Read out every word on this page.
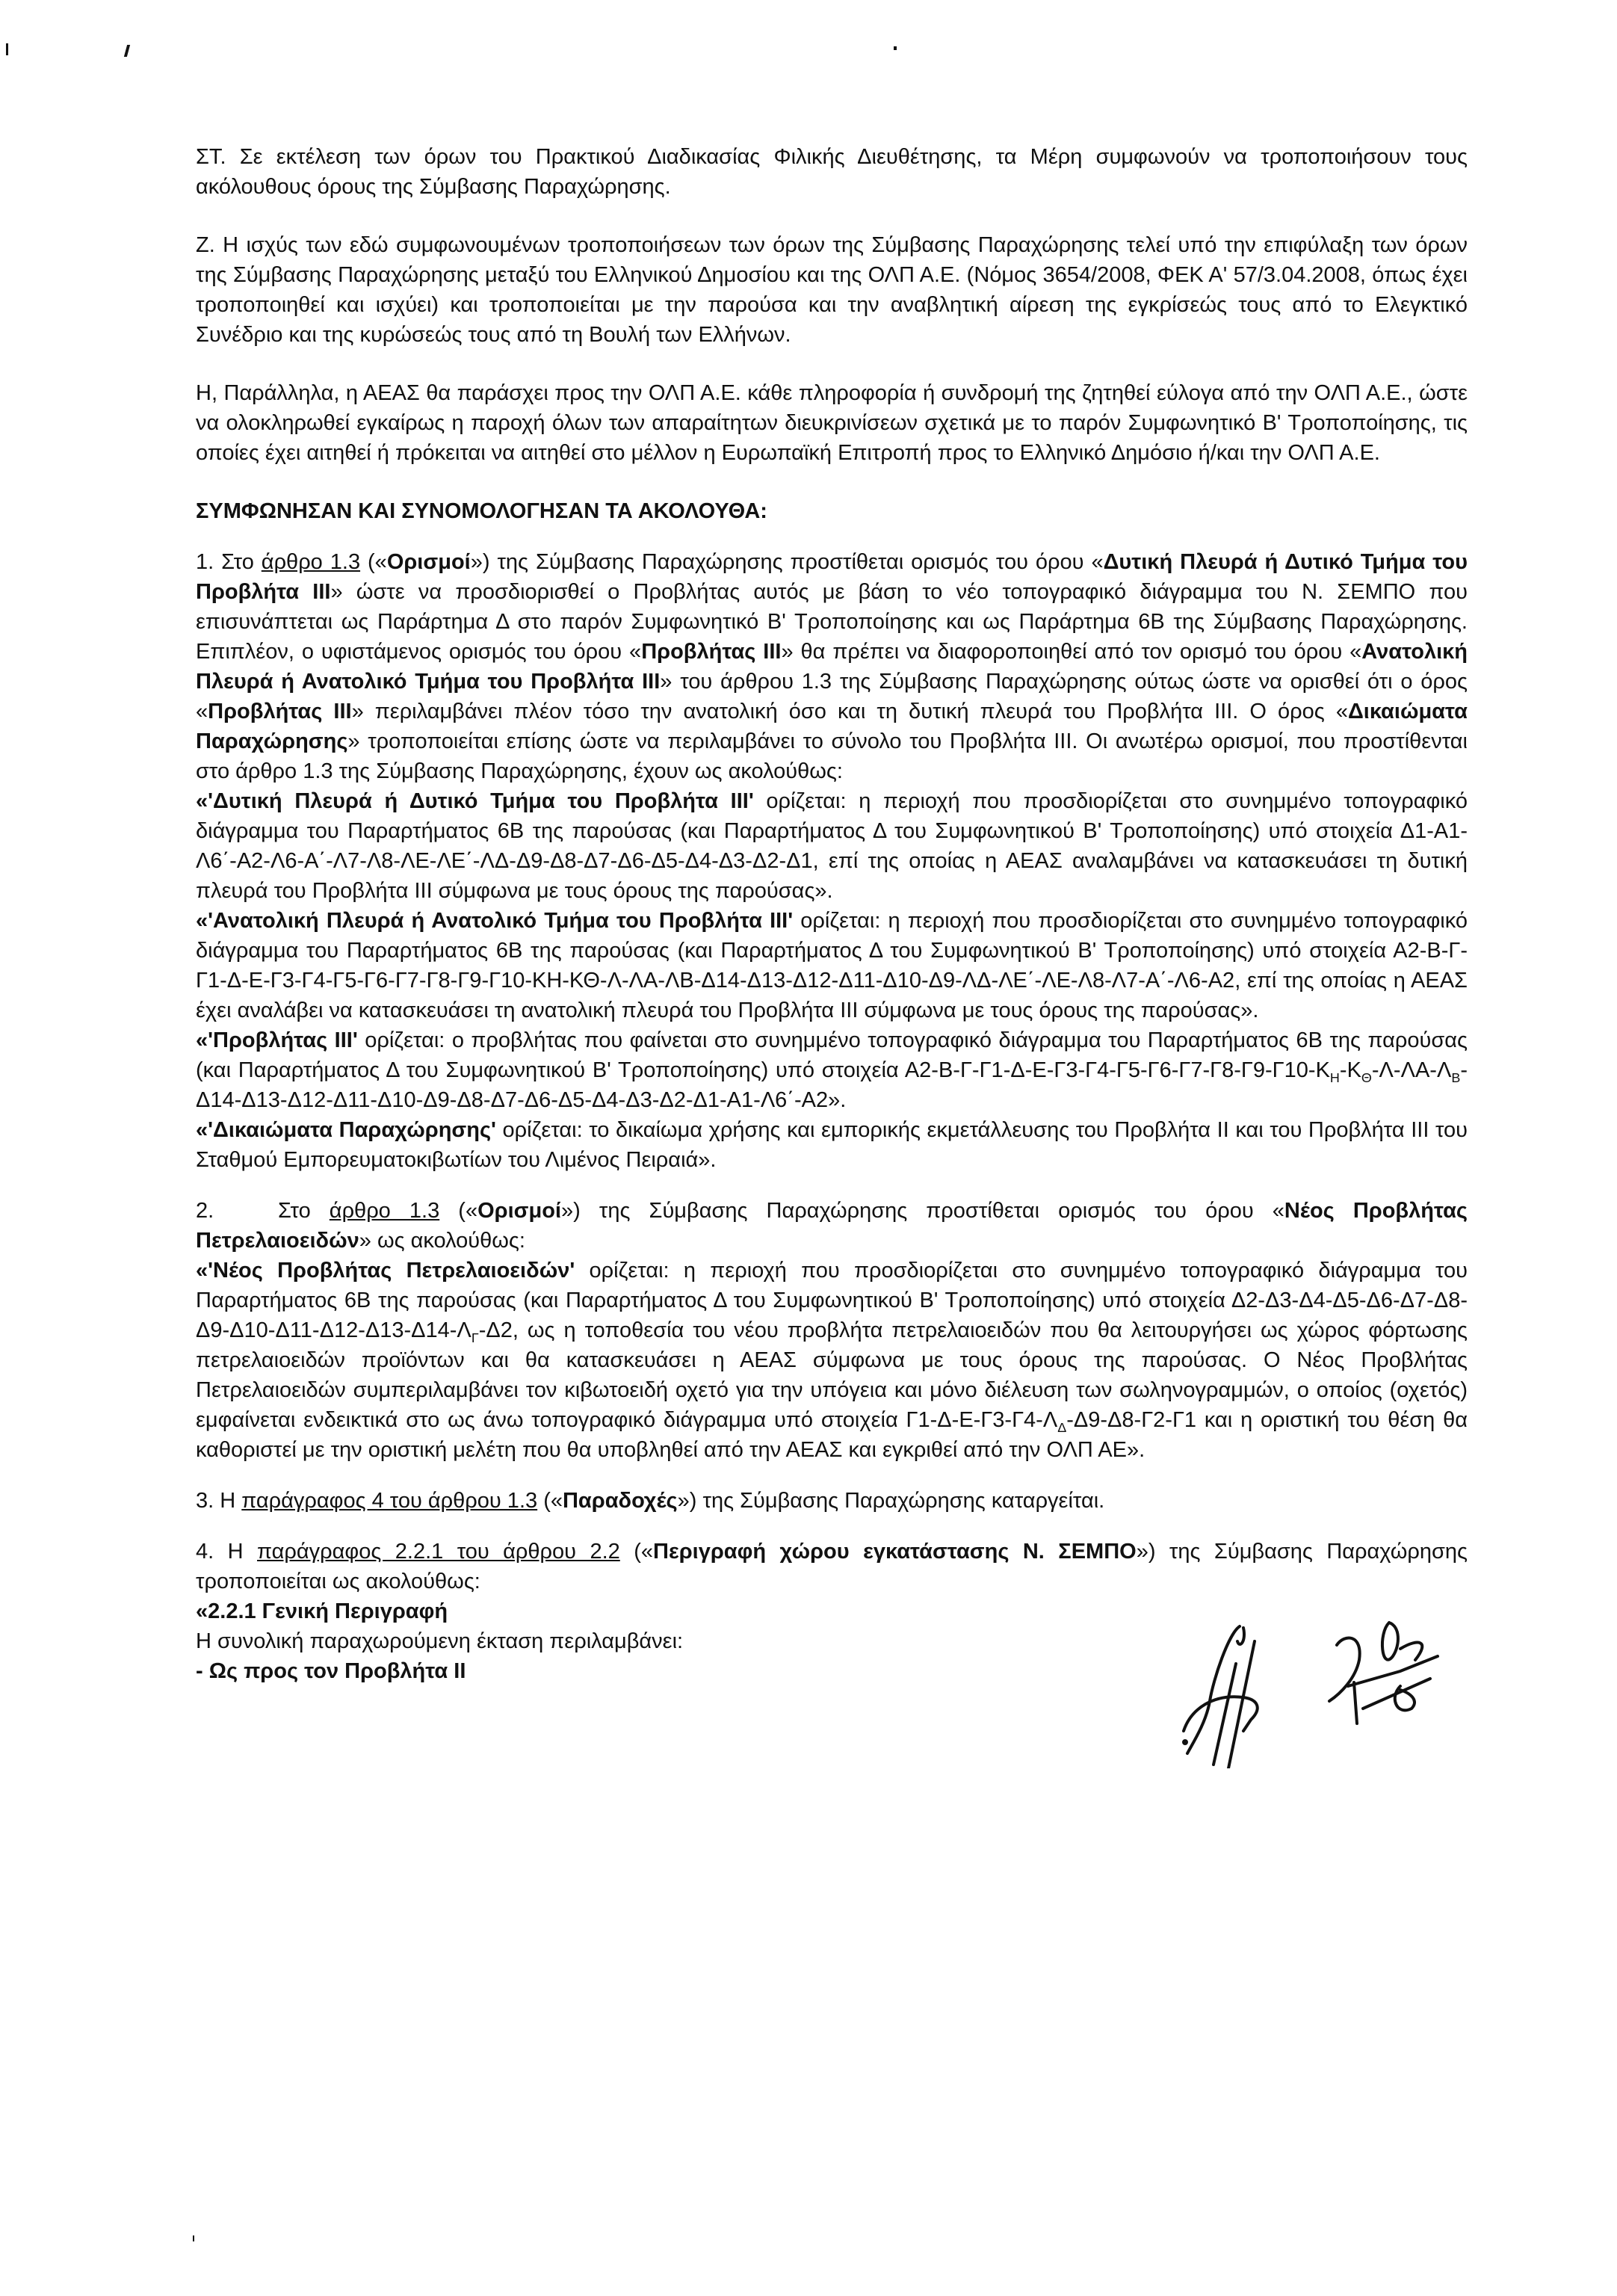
ΣΤ. Σε εκτέλεση των όρων του Πρακτικού Διαδικασίας Φιλικής Διευθέτησης, τα Μέρη συμφωνούν να τροποποιήσουν τους ακόλουθους όρους της Σύμβασης Παραχώρησης.

Ζ. Η ισχύς των εδώ συμφωνουμένων τροποποιήσεων των όρων της Σύμβασης Παραχώρησης τελεί υπό την επιφύλαξη των όρων της Σύμβασης Παραχώρησης μεταξύ του Ελληνικού Δημοσίου και της ΟΛΠ Α.Ε. (Νόμος 3654/2008, ΦΕΚ Α' 57/3.04.2008, όπως έχει τροποποιηθεί και ισχύει) και τροποποιείται με την παρούσα και την αναβλητική αίρεση της εγκρίσεώς τους από το Ελεγκτικό Συνέδριο και της κυρώσεώς τους από τη Βουλή των Ελλήνων.

Η, Παράλληλα, η ΑΕΑΣ θα παράσχει προς την ΟΛΠ Α.Ε. κάθε πληροφορία ή συνδρομή της ζητηθεί εύλογα από την ΟΛΠ Α.Ε., ώστε να ολοκληρωθεί εγκαίρως η παροχή όλων των απαραίτητων διευκρινίσεων σχετικά με το παρόν Συμφωνητικό Β' Τροποποίησης, τις οποίες έχει αιτηθεί ή πρόκειται να αιτηθεί στο μέλλον η Ευρωπαϊκή Επιτροπή προς το Ελληνικό Δημόσιο ή/και την ΟΛΠ Α.Ε.

ΣΥΜΦΩΝΗΣΑΝ ΚΑΙ ΣΥΝΟΜΟΛΟΓΗΣΑΝ ΤΑ ΑΚΟΛΟΥΘΑ:

1. Στο άρθρο 1.3 («Ορισμοί») της Σύμβασης Παραχώρησης προστίθεται ορισμός του όρου «Δυτική Πλευρά ή Δυτικό Τμήμα του Προβλήτα ΙΙΙ» ώστε να προσδιορισθεί ο Προβλήτας αυτός με βάση το νέο τοπογραφικό διάγραμμα του Ν. ΣΕΜΠΟ που επισυνάπτεται ως Παράρτημα Δ στο παρόν Συμφωνητικό Β' Τροποποίησης και ως Παράρτημα 6Β της Σύμβασης Παραχώρησης. Επιπλέον, ο υφιστάμενος ορισμός του όρου «Προβλήτας ΙΙΙ» θα πρέπει να διαφοροποιηθεί από τον ορισμό του όρου «Ανατολική Πλευρά ή Ανατολικό Τμήμα του Προβλήτα ΙΙΙ» του άρθρου 1.3 της Σύμβασης Παραχώρησης ούτως ώστε να ορισθεί ότι ο όρος «Προβλήτας ΙΙΙ» περιλαμβάνει πλέον τόσο την ανατολική όσο και τη δυτική πλευρά του Προβλήτα ΙΙΙ. Ο όρος «Δικαιώματα Παραχώρησης» τροποποιείται επίσης ώστε να περιλαμβάνει το σύνολο του Προβλήτα ΙΙΙ. Οι ανωτέρω ορισμοί, που προστίθενται στο άρθρο 1.3 της Σύμβασης Παραχώρησης, έχουν ως ακολούθως:

«'Δυτική Πλευρά ή Δυτικό Τμήμα του Προβλήτα ΙΙΙ' ορίζεται: η περιοχή που προσδιορίζεται στο συνημμένο τοπογραφικό διάγραμμα του Παραρτήματος 6Β της παρούσας (και Παραρτήματος Δ του Συμφωνητικού Β' Τροποποίησης) υπό στοιχεία Δ1-Α1-Λ6΄-Α2-Λ6-Α΄-Λ7-Λ8-ΛΕ-ΛΕ΄-ΛΔ-Δ9-Δ8-Δ7-Δ6-Δ5-Δ4-Δ3-Δ2-Δ1, επί της οποίας η ΑΕΑΣ αναλαμβάνει να κατασκευάσει τη δυτική πλευρά του Προβλήτα ΙΙΙ σύμφωνα με τους όρους της παρούσας».

«'Ανατολική Πλευρά ή Ανατολικό Τμήμα του Προβλήτα ΙΙΙ' ορίζεται: η περιοχή που προσδιορίζεται στο συνημμένο τοπογραφικό διάγραμμα του Παραρτήματος 6Β της παρούσας (και Παραρτήματος Δ του Συμφωνητικού Β' Τροποποίησης) υπό στοιχεία Α2-Β-Γ-Γ1-Δ-Ε-Γ3-Γ4-Γ5-Γ6-Γ7-Γ8-Γ9-Γ10-ΚΗ-ΚΘ-Λ-ΛΑ-ΛΒ-Δ14-Δ13-Δ12-Δ11-Δ10-Δ9-ΛΔ-ΛΕ΄-ΛΕ-Λ8-Λ7-Α΄-Λ6-Α2, επί της οποίας η ΑΕΑΣ έχει αναλάβει να κατασκευάσει τη ανατολική πλευρά του Προβλήτα ΙΙΙ σύμφωνα με τους όρους της παρούσας».

«'Προβλήτας ΙΙΙ' ορίζεται: ο προβλήτας που φαίνεται στο συνημμένο τοπογραφικό διάγραμμα του Παραρτήματος 6Β της παρούσας (και Παραρτήματος Δ του Συμφωνητικού Β' Τροποποίησης) υπό στοιχεία $A2-B-\Gamma-\Gamma 1-\Delta-E-\Gamma 3-\Gamma 4-\Gamma 5-\Gamma 6-\Gamma 7-\Gamma 8-\Gamma 9-\Gamma 10-K_H-K_\Theta-\Lambda-\Lambda A-\Lambda_B-\Delta 14-\Delta 13-\Delta 12-\Delta 11-\Delta 10-\Delta 9-\Delta 8-\Delta 7-\Delta 6-\Delta 5-\Delta 4-\Delta 3-\Delta 2-\Delta 1-A1-\Lambda 6΄-A2$».

«'Δικαιώματα Παραχώρησης' ορίζεται: το δικαίωμα χρήσης και εμπορικής εκμετάλλευσης του Προβλήτα ΙΙ και του Προβλήτα ΙΙΙ του Σταθμού Εμπορευματοκιβωτίων του Λιμένος Πειραιά».

2.	Στο άρθρο 1.3 («Ορισμοί») της Σύμβασης Παραχώρησης προστίθεται ορισμός του όρου «Νέος Προβλήτας Πετρελαιοειδών» ως ακολούθως:

«'Νέος Προβλήτας Πετρελαιοειδών' ορίζεται: η περιοχή που προσδιορίζεται στο συνημμένο τοπογραφικό διάγραμμα του Παραρτήματος 6Β της παρούσας (και Παραρτήματος Δ του Συμφωνητικού Β' Τροποποίησης) υπό στοιχεία $\Delta 2-\Delta 3-\Delta 4-\Delta 5-\Delta 6-\Delta 7-\Delta 8-\Delta 9-\Delta 10-\Delta 11-\Delta 12-\Delta 13-\Delta 14-\Lambda_\Gamma-\Delta 2$, ως η τοποθεσία του νέου προβλήτα πετρελαιοειδών που θα λειτουργήσει ως χώρος φόρτωσης πετρελαιοειδών προϊόντων και θα κατασκευάσει η ΑΕΑΣ σύμφωνα με τους όρους της παρούσας. Ο Νέος Προβλήτας Πετρελαιοειδών συμπεριλαμβάνει τον κιβωτοειδή οχετό για την υπόγεια και μόνο διέλευση των σωληνογραμμών, ο οποίος (οχετός) εμφαίνεται ενδεικτικά στο ως άνω τοπογραφικό διάγραμμα υπό στοιχεία $\Gamma 1-\Delta-E-\Gamma 3-\Gamma 4-\Lambda_\Delta-\Delta 9-\Delta 8-\Gamma 2-\Gamma 1$ και η οριστική του θέση θα καθοριστεί με την οριστική μελέτη που θα υποβληθεί από την ΑΕΑΣ και εγκριθεί από την ΟΛΠ ΑΕ».

3. Η παράγραφος 4 του άρθρου 1.3 («Παραδοχές») της Σύμβασης Παραχώρησης καταργείται.

4. Η παράγραφος 2.2.1 του άρθρου 2.2 («Περιγραφή χώρου εγκατάστασης Ν. ΣΕΜΠΟ») της Σύμβασης Παραχώρησης τροποποιείται ως ακολούθως:

«2.2.1 Γενική Περιγραφή

Η συνολική παραχωρούμενη έκταση περιλαμβάνει:

- Ως προς τον Προβλήτα ΙΙ
